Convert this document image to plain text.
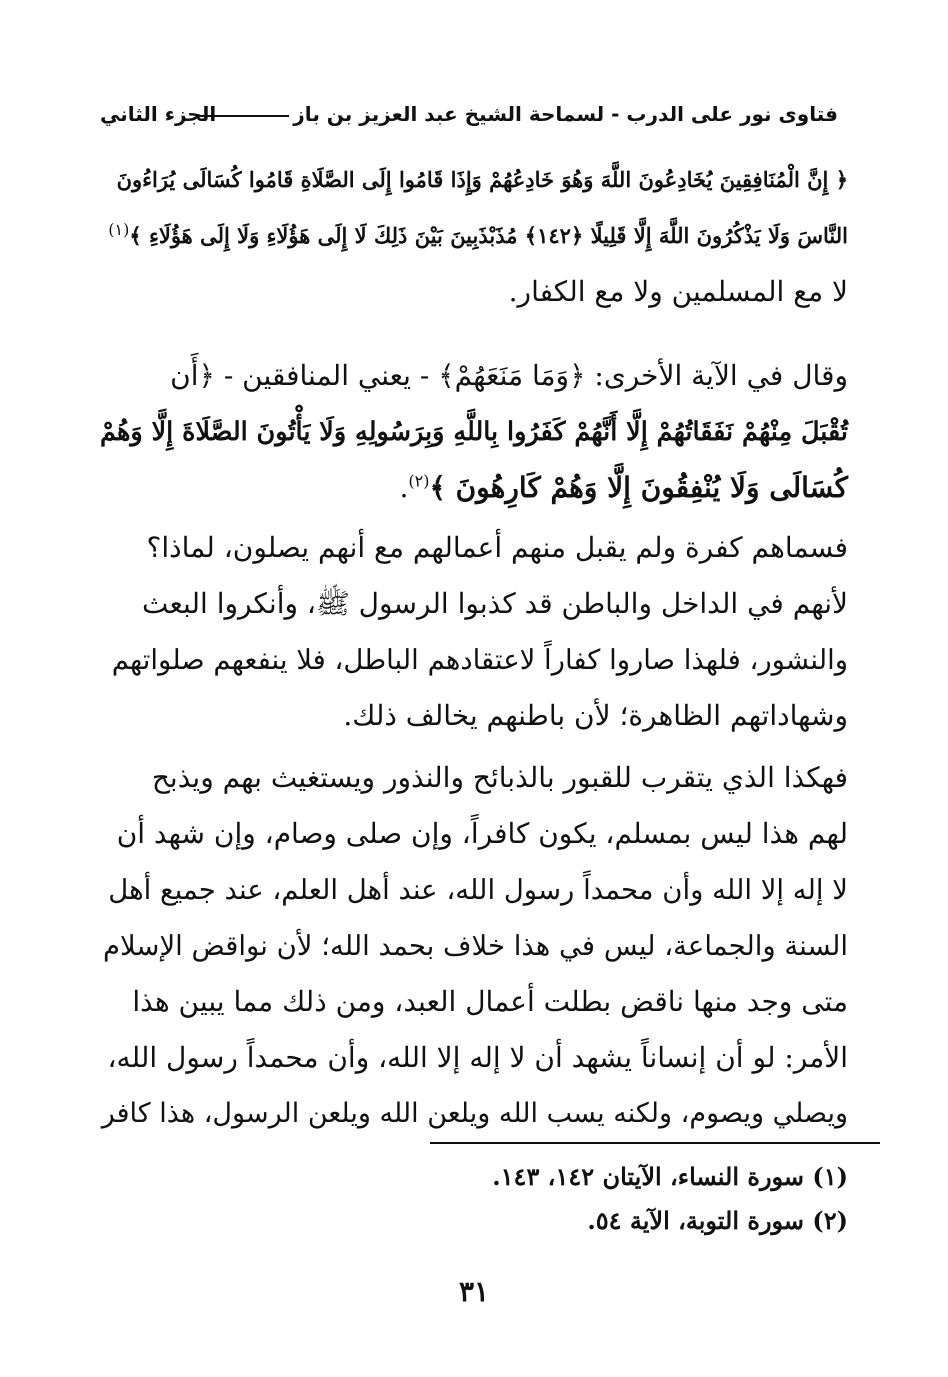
فتاوى نور على الدرب - لسماحة الشيخ عبد العزيز بن باز
الجزء الثاني
﴿ إِنَّ الْمُنَافِقِينَ يُخَادِعُونَ اللَّهَ وَهُوَ خَادِعُهُمْ وَإِذَا قَامُوا إِلَى الصَّلَاةِ قَامُوا كُسَالَى يُرَاءُونَ
النَّاسَ وَلَا يَذْكُرُونَ اللَّهَ إِلَّا قَلِيلًا ﴿١٤٢﴾ مُذَبْذَبِينَ بَيْنَ ذَلِكَ لَا إِلَى هَؤُلَاءِ وَلَا إِلَى هَؤُلَاءِ ﴾$^{(١)}$
لا مع المسلمين ولا مع الكفار.
وقال في الآية الأخرى: ﴿وَمَا مَنَعَهُمْ﴾ - يعني المنافقين - ﴿أَن
تُقْبَلَ مِنْهُمْ نَفَقَاتُهُمْ إِلَّا أَنَّهُمْ كَفَرُوا بِاللَّهِ وَبِرَسُولِهِ وَلَا يَأْتُونَ الصَّلَاةَ إِلَّا وَهُمْ
كُسَالَى وَلَا يُنْفِقُونَ إِلَّا وَهُمْ كَارِهُونَ ﴾$^{(٢)}$.
فسماهم كفرة ولم يقبل منهم أعمالهم مع أنهم يصلون، لماذا؟
لأنهم في الداخل والباطن قد كذبوا الرسول ﷺ، وأنكروا البعث
والنشور، فلهذا صاروا كفاراً لاعتقادهم الباطل، فلا ينفعهم صلواتهم
وشهاداتهم الظاهرة؛ لأن باطنهم يخالف ذلك.
فهكذا الذي يتقرب للقبور بالذبائح والنذور ويستغيث بهم ويذبح
لهم هذا ليس بمسلم، يكون كافراً، وإن صلى وصام، وإن شهد أن
لا إله إلا الله وأن محمداً رسول الله، عند أهل العلم، عند جميع أهل
السنة والجماعة، ليس في هذا خلاف بحمد الله؛ لأن نواقض الإسلام
متى وجد منها ناقض بطلت أعمال العبد، ومن ذلك مما يبين هذا
الأمر: لو أن إنساناً يشهد أن لا إله إلا الله، وأن محمداً رسول الله،
ويصلي ويصوم، ولكنه يسب الله ويلعن الله ويلعن الرسول، هذا كافر
(١) سورة النساء، الآيتان ١٤٢، ١٤٣.
(٢) سورة التوبة، الآية ٥٤.
٣١
